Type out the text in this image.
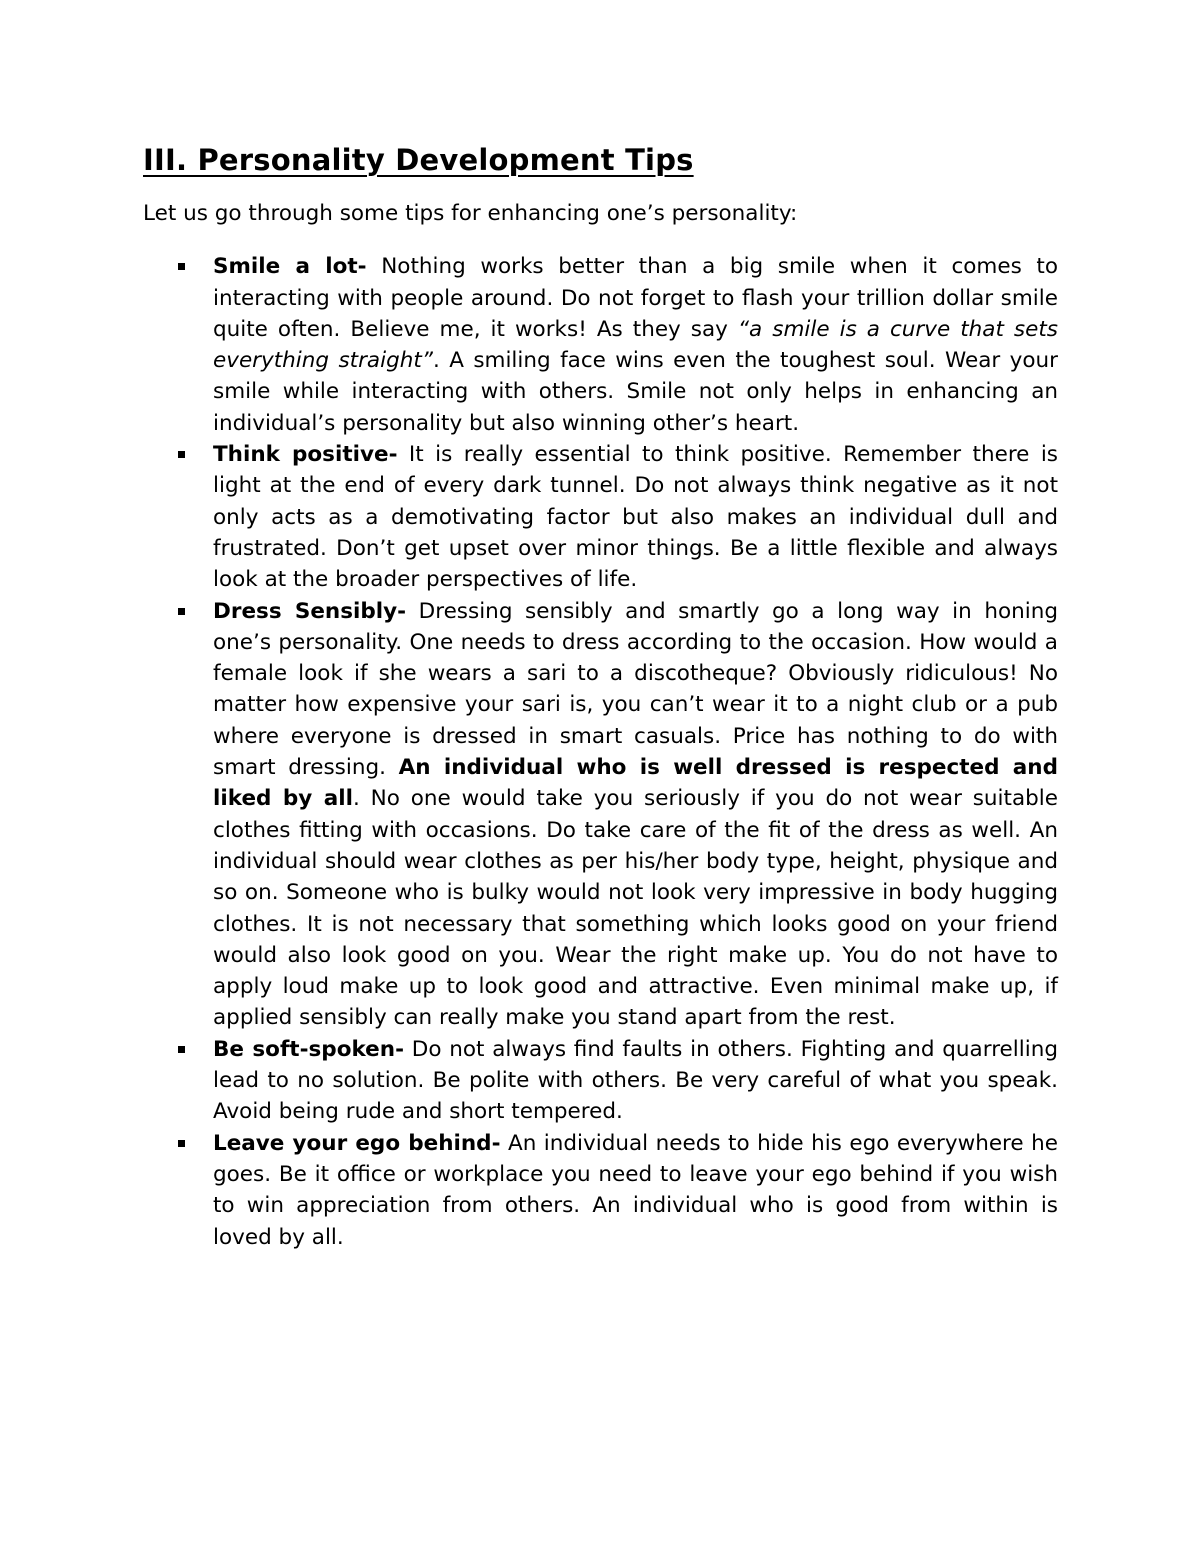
III. Personality Development Tips

Let us go through some tips for enhancing one’s personality:

Smile a lot- Nothing works better than a big smile when it comes to interacting with people around. Do not forget to flash your trillion dollar smile quite often. Believe me, it works! As they say “a smile is a curve that sets everything straight”. A smiling face wins even the toughest soul. Wear your smile while interacting with others. Smile not only helps in enhancing an individual’s personality but also winning other’s heart.
Think positive- It is really essential to think positive. Remember there is light at the end of every dark tunnel. Do not always think negative as it not only acts as a demotivating factor but also makes an individual dull and frustrated. Don’t get upset over minor things. Be a little flexible and always look at the broader perspectives of life.
Dress Sensibly- Dressing sensibly and smartly go a long way in honing one’s personality. One needs to dress according to the occasion. How would a female look if she wears a sari to a discotheque? Obviously ridiculous! No matter how expensive your sari is, you can’t wear it to a night club or a pub where everyone is dressed in smart casuals. Price has nothing to do with smart dressing. An individual who is well dressed is respected and liked by all. No one would take you seriously if you do not wear suitable clothes fitting with occasions. Do take care of the fit of the dress as well. An individual should wear clothes as per his/her body type, height, physique and so on. Someone who is bulky would not look very impressive in body hugging clothes. It is not necessary that something which looks good on your friend would also look good on you. Wear the right make up. You do not have to apply loud make up to look good and attractive. Even minimal make up, if applied sensibly can really make you stand apart from the rest.
Be soft-spoken- Do not always find faults in others. Fighting and quarrelling lead to no solution. Be polite with others. Be very careful of what you speak. Avoid being rude and short tempered.
Leave your ego behind- An individual needs to hide his ego everywhere he goes. Be it office or workplace you need to leave your ego behind if you wish to win appreciation from others. An individual who is good from within is loved by all.
